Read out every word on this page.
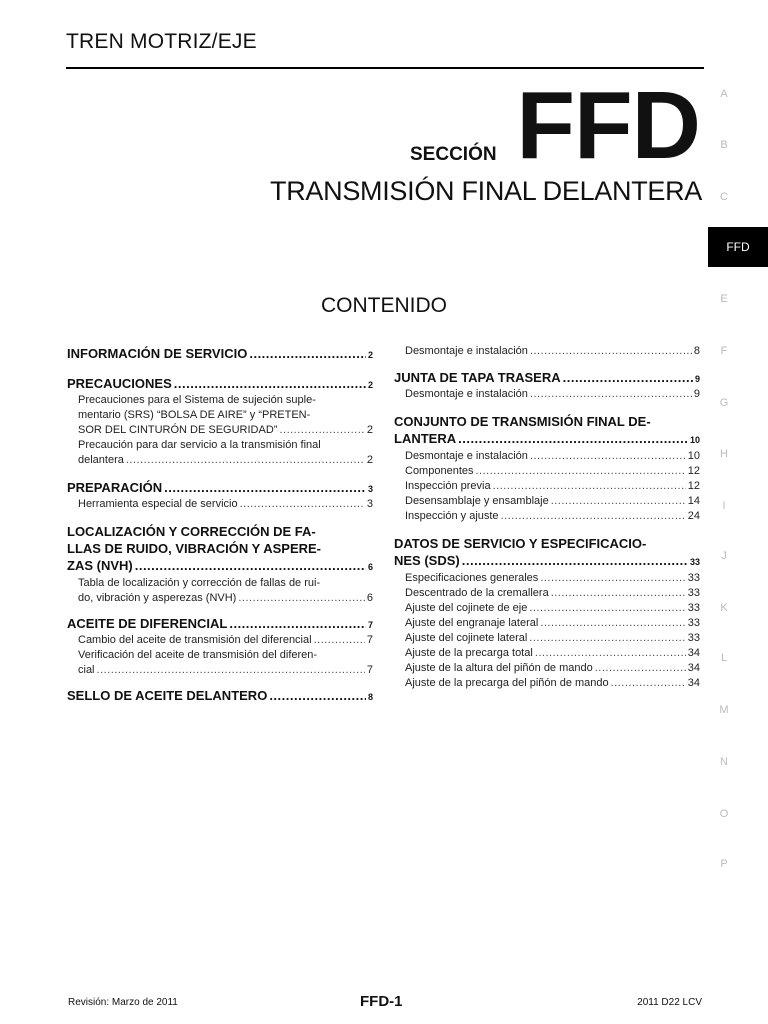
TREN MOTRIZ/EJE
SECCIÓN FFD
TRANSMISIÓN FINAL DELANTERA
CONTENIDO
A
B
C
FFD
E
F
G
H
I
J
K
L
M
N
O
P
INFORMACIÓN DE SERVICIO .....	2
PRECAUCIONES .....	2
Precauciones para el Sistema de sujeción suple-
mentario (SRS) “BOLSA DE AIRE” y “PRETEN-
SOR DEL CINTURÓN DE SEGURIDAD” .....	2
Precaución para dar servicio a la transmisión final
delantera .....	2
PREPARACIÓN .....	3
Herramienta especial de servicio .....	3
LOCALIZACIÓN Y CORRECCIÓN DE FA-
LLAS DE RUIDO, VIBRACIÓN Y ASPERE-
ZAS (NVH) .....	6
Tabla de localización y corrección de fallas de rui-
do, vibración y asperezas (NVH) .....	6
ACEITE DE DIFERENCIAL .....	7
Cambio del aceite de transmisión del diferencial .....	7
Verificación del aceite de transmisión del diferen-
cial .....	7
SELLO DE ACEITE DELANTERO .....	8
Desmontaje e instalación .....	8
JUNTA DE TAPA TRASERA .....	9
Desmontaje e instalación .....	9
CONJUNTO DE TRANSMISIÓN FINAL DE-
LANTERA .....	10
Desmontaje e instalación .....	10
Componentes .....	12
Inspección previa .....	12
Desensamblaje y ensamblaje .....	14
Inspección y ajuste .....	24
DATOS DE SERVICIO Y ESPECIFICACIO-
NES (SDS) .....	33
Especificaciones generales .....	33
Descentrado de la cremallera .....	33
Ajuste del cojinete de eje .....	33
Ajuste del engranaje lateral .....	33
Ajuste del cojinete lateral .....	33
Ajuste de la precarga total .....	34
Ajuste de la altura del piñón de mando .....	34
Ajuste de la precarga del piñón de mando .....	34
Revisión: Marzo de 2011	FFD-1	2011 D22 LCV
